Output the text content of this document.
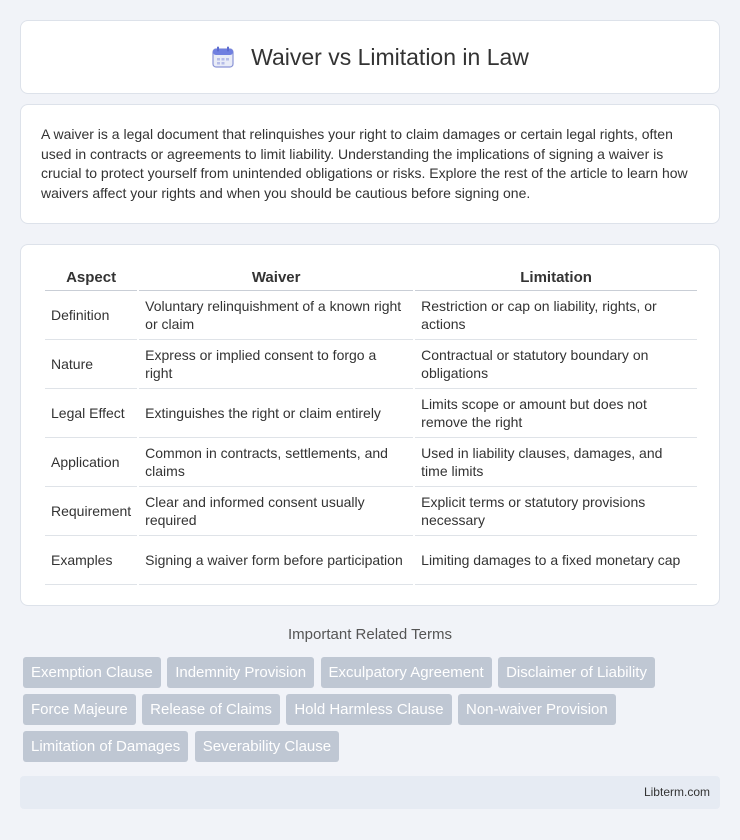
Waiver vs Limitation in Law

A waiver is a legal document that relinquishes your right to claim damages or certain legal rights, often used in contracts or agreements to limit liability. Understanding the implications of signing a waiver is crucial to protect yourself from unintended obligations or risks. Explore the rest of the article to learn how waivers affect your rights and when you should be cautious before signing one.

Aspect	Waiver	Limitation
Definition	Voluntary relinquishment of a known right or claim	Restriction or cap on liability, rights, or actions
Nature	Express or implied consent to forgo a right	Contractual or statutory boundary on obligations
Legal Effect	Extinguishes the right or claim entirely	Limits scope or amount but does not remove the right
Application	Common in contracts, settlements, and claims	Used in liability clauses, damages, and time limits
Requirement	Clear and informed consent usually required	Explicit terms or statutory provisions necessary
Examples	Signing a waiver form before participation	Limiting damages to a fixed monetary cap
Important Related Terms
Exemption Clause Indemnity Provision Exculpatory Agreement Disclaimer of Liability
Force Majeure Release of Claims Hold Harmless Clause Non-waiver Provision
Limitation of Damages Severability Clause
Libterm.com
